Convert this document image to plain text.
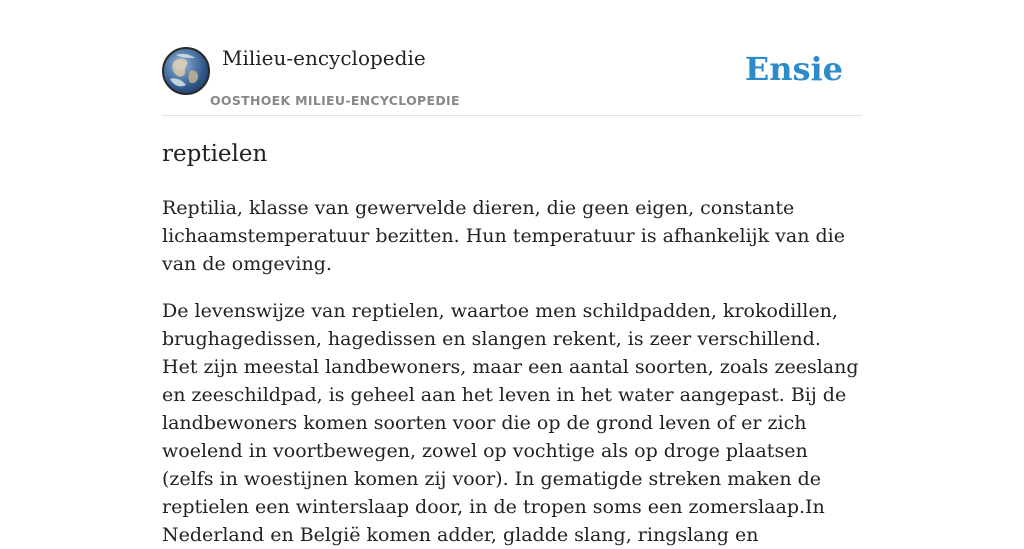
Milieu-encyclopedie
OOSTHOEK MILIEU-ENCYCLOPEDIE
Ensie
reptielen

Reptilia, klasse van gewervelde dieren, die geen eigen, constante lichaamstemperatuur bezitten. Hun temperatuur is afhankelijk van die van de omgeving.

De levenswijze van reptielen, waartoe men schildpadden, krokodillen, brughagedissen, hagedissen en slangen rekent, is zeer verschillend. Het zijn meestal landbewoners, maar een aantal soorten, zoals zeeslang en zeeschildpad, is geheel aan het leven in het water aangepast. Bij de landbewoners komen soorten voor die op de grond leven of er zich woelend in voortbewegen, zowel op vochtige als op droge plaatsen (zelfs in woestijnen komen zij voor). In gematigde streken maken de reptielen een winterslaap door, in de tropen soms een zomerslaap.In Nederland en België komen adder, gladde slang, ringslang en
